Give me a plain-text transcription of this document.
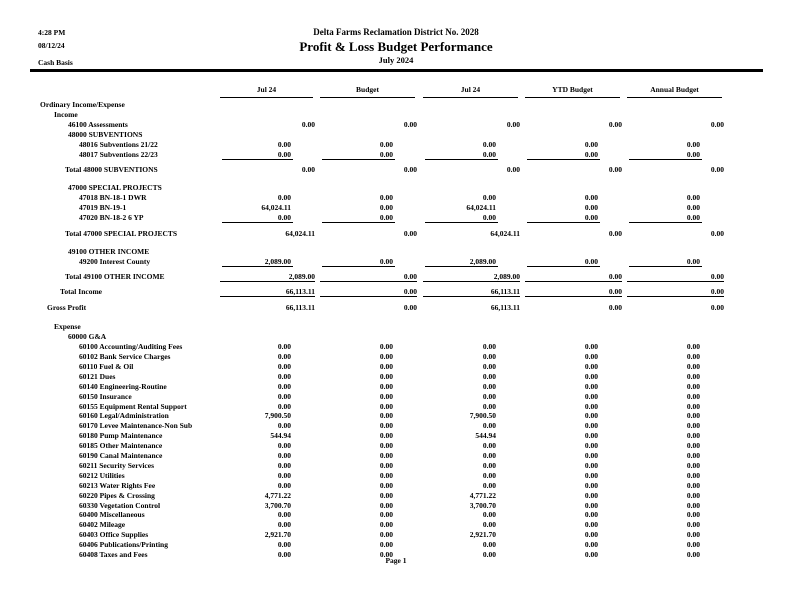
4:28 PM
08/12/24
Cash Basis
Delta Farms Reclamation District No. 2028
Profit & Loss Budget Performance
July 2024
Jul 24	Budget	Jul 24	YTD Budget	Annual Budget
Ordinary Income/Expense
Income
46100 Assessments	0.00	0.00	0.00	0.00	0.00
48000 SUBVENTIONS
48016 Subventions 21/22	0.00	0.00	0.00	0.00	0.00
48017 Subventions 22/23	0.00	0.00	0.00	0.00	0.00
Total 48000 SUBVENTIONS	0.00	0.00	0.00	0.00	0.00
47000 SPECIAL PROJECTS
47018 BN-18-1 DWR	0.00	0.00	0.00	0.00	0.00
47019 BN-19-1	64,024.11	0.00	64,024.11	0.00	0.00
47020 BN-18-2 6 YP	0.00	0.00	0.00	0.00	0.00
Total 47000 SPECIAL PROJECTS	64,024.11	0.00	64,024.11	0.00	0.00
49100 OTHER INCOME
49200 Interest County	2,089.00	0.00	2,089.00	0.00	0.00
Total 49100 OTHER INCOME	2,089.00	0.00	2,089.00	0.00	0.00
Total Income	66,113.11	0.00	66,113.11	0.00	0.00
Gross Profit	66,113.11	0.00	66,113.11	0.00	0.00
Expense
60000 G&A
60100 Accounting/Auditing Fees	0.00	0.00	0.00	0.00	0.00
60102 Bank Service Charges	0.00	0.00	0.00	0.00	0.00
60110 Fuel & Oil	0.00	0.00	0.00	0.00	0.00
60121 Dues	0.00	0.00	0.00	0.00	0.00
60140 Engineering-Routine	0.00	0.00	0.00	0.00	0.00
60150 Insurance	0.00	0.00	0.00	0.00	0.00
60155 Equipment Rental Support	0.00	0.00	0.00	0.00	0.00
60160 Legal/Administration	7,900.50	0.00	7,900.50	0.00	0.00
60170 Levee Maintenance-Non Sub	0.00	0.00	0.00	0.00	0.00
60180 Pump Maintenance	544.94	0.00	544.94	0.00	0.00
60185 Other Maintenance	0.00	0.00	0.00	0.00	0.00
60190 Canal Maintenance	0.00	0.00	0.00	0.00	0.00
60211 Security Services	0.00	0.00	0.00	0.00	0.00
60212 Utilities	0.00	0.00	0.00	0.00	0.00
60213 Water Rights Fee	0.00	0.00	0.00	0.00	0.00
60220 Pipes & Crossing	4,771.22	0.00	4,771.22	0.00	0.00
60330 Vegetation Control	3,700.70	0.00	3,700.70	0.00	0.00
60400 Miscellaneous	0.00	0.00	0.00	0.00	0.00
60402 Mileage	0.00	0.00	0.00	0.00	0.00
60403 Office Supplies	2,921.70	0.00	2,921.70	0.00	0.00
60406 Publications/Printing	0.00	0.00	0.00	0.00	0.00
60408 Taxes and Fees	0.00	0.00	0.00	0.00	0.00
Page 1
